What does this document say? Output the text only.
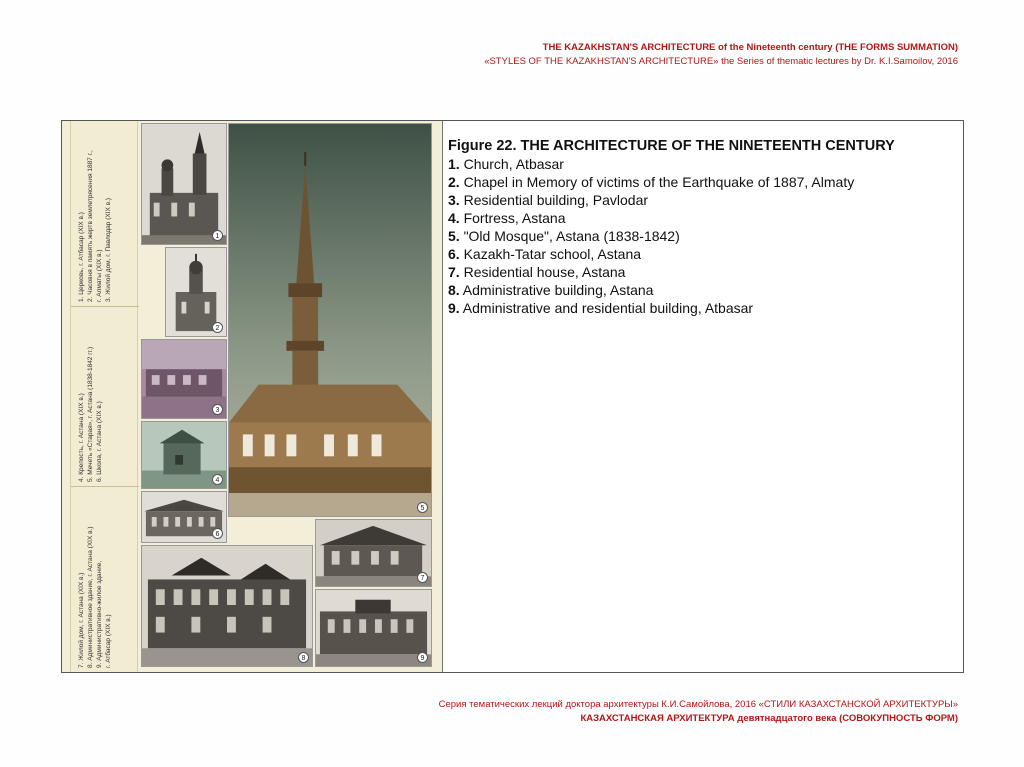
THE KAZAKHSTAN'S ARCHITECTURE of the Nineteenth century (THE FORMS SUMMATION)
«STYLES OF THE KAZAKHSTAN'S ARCHITECTURE» the Series of thematic lectures by Dr. K.I.Samoilov, 2016
1. Церковь, г. Атбасар (XIX в.) 2. Часовня в память жертв землетрясения 1887 г., г. Алматы (XIX в.) 3. Жилой дом, г. Павлодар (XIX в.)
4. Крепость, г. Астана (XIX в.) 5. Мечеть «Старая», г. Астана (1838-1842 гг.) 6. Школа, г. Астана (XIX в.)
7. Жилой дом, г. Астана (XIX в.) 8. Административное здание, г. Астана (XIX в.) 9. Административно-жилое здание, г. Атбасар (XIX в.)
1
2
3
4
6
5
7
8	9
Figure 22. THE ARCHITECTURE OF THE NINETEENTH CENTURY
1. Church, Atbasar
2. Chapel in Memory of victims of the Earthquake of 1887, Almaty
3. Residential building, Pavlodar
4. Fortress, Astana
5. "Old Mosque", Astana (1838-1842)
6. Kazakh-Tatar school, Astana
7. Residential house, Astana
8. Administrative building, Astana
9. Administrative and residential building, Atbasar
Серия тематических лекций доктора архитектуры К.И.Самойлова, 2016 «СТИЛИ КАЗАХСТАНСКОЙ АРХИТЕКТУРЫ»
КАЗАХСТАНСКАЯ АРХИТЕКТУРА девятнадцатого века (СОВОКУПНОСТЬ ФОРМ)
